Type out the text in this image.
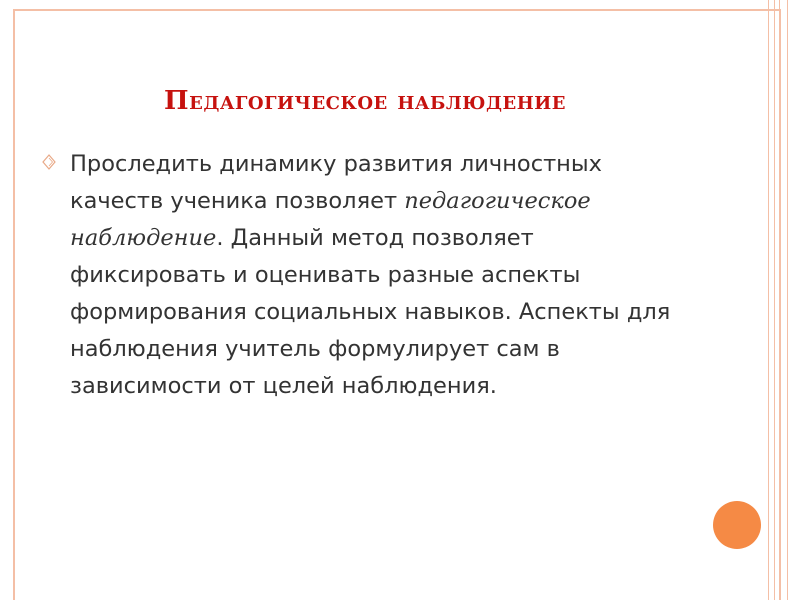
Педагогическое наблюдение
Проследить динамику развития личностных качеств ученика позволяет педагогическое наблюдение. Данный метод позволяет фиксировать и оценивать разные аспекты формирования социальных навыков. Аспекты для наблюдения учитель формулирует сам в зависимости от целей наблюдения.
